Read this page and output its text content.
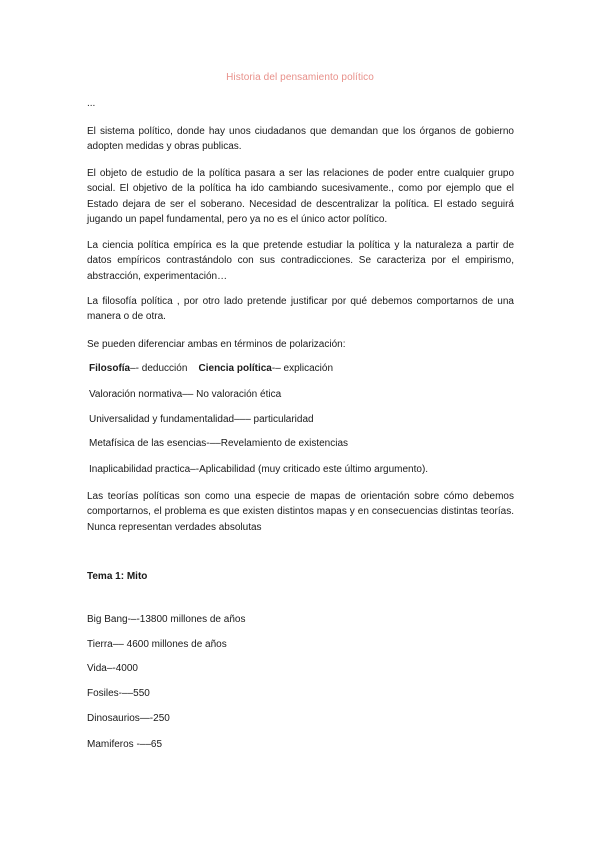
Historia del pensamiento político
...

El sistema político, donde hay unos ciudadanos que demandan que los órganos de gobierno adopten medidas y obras publicas.

El objeto de estudio de la política pasara a ser las relaciones de poder entre cualquier grupo social. El objetivo de la política ha ido cambiando sucesivamente., como por ejemplo que el Estado dejara de ser el soberano. Necesidad de descentralizar la política. El estado seguirá jugando un papel fundamental, pero ya no es el único actor político.

La ciencia política empírica es la que pretende estudiar la política y la naturaleza a partir de datos empíricos contrastándolo con sus contradicciones. Se caracteriza por el empirismo, abstracción, experimentación…

La filosofía política , por otro lado pretende justificar por qué debemos comportarnos de una manera o de otra.

Se pueden diferenciar ambas en términos de polarización:

Filosofía–- deducción Ciencia política-– explicación
Valoración normativa–– No valoración ética
Universalidad y fundamentalidad––– particularidad
Metafísica de las esencias-––Revelamiento de existencias
Inaplicabilidad practica–-Aplicabilidad (muy criticado este último argumento).

Las teorías políticas son como una especie de mapas de orientación sobre cómo debemos comportarnos, el problema es que existen distintos mapas y en consecuencias distintas teorías. Nunca representan verdades absolutas

Tema 1: Mito
Big Bang-–-13800 millones de años
Tierra–– 4600 millones de años
Vida–-4000
Fosiles-––550
Dinosaurios—-250
Mamiferos -––65
